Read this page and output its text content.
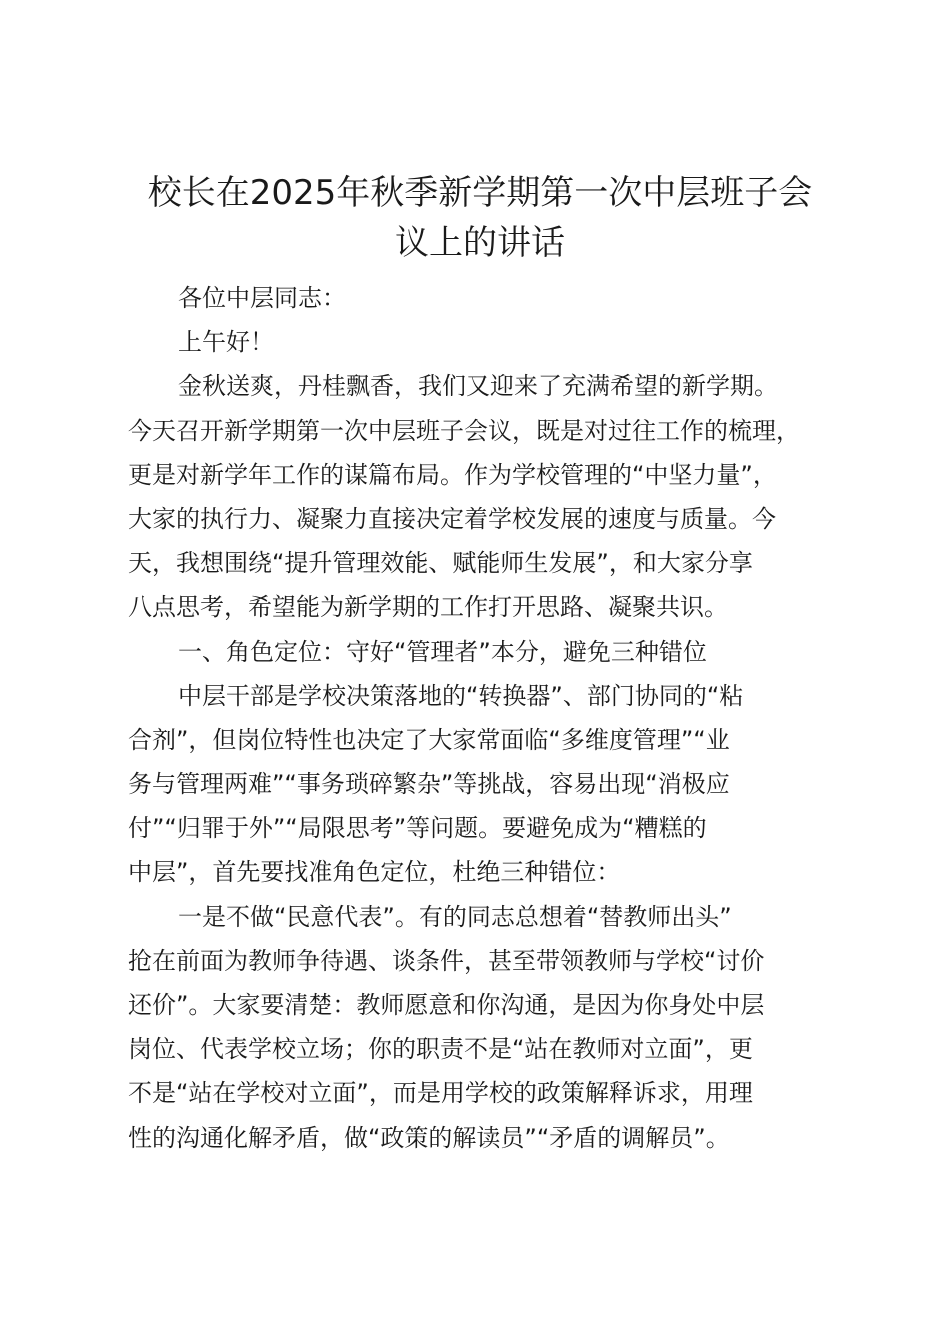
校长在2025年秋季新学期第一次中层班子会
议上的讲话
各位中层同志：
上午好！
金秋送爽，丹桂飘香，我们又迎来了充满希望的新学期。
今天召开新学期第一次中层班子会议，既是对过往工作的梳理，
更是对新学年工作的谋篇布局。作为学校管理的“中坚力量”，
大家的执行力、凝聚力直接决定着学校发展的速度与质量。今
天，我想围绕“提升管理效能、赋能师生发展”，和大家分享
八点思考，希望能为新学期的工作打开思路、凝聚共识。
一、角色定位：守好“管理者”本分，避免三种错位
中层干部是学校决策落地的“转换器”、部门协同的“粘
合剂”，但岗位特性也决定了大家常面临“多维度管理”“业
务与管理两难”“事务琐碎繁杂”等挑战，容易出现“消极应
付”“归罪于外”“局限思考”等问题。要避免成为“糟糕的
中层”，首先要找准角色定位，杜绝三种错位：
一是不做“民意代表”。有的同志总想着“替教师出头”
抢在前面为教师争待遇、谈条件，甚至带领教师与学校“讨价
还价”。大家要清楚：教师愿意和你沟通，是因为你身处中层
岗位、代表学校立场；你的职责不是“站在教师对立面”，更
不是“站在学校对立面”，而是用学校的政策解释诉求，用理
性的沟通化解矛盾，做“政策的解读员”“矛盾的调解员”。
